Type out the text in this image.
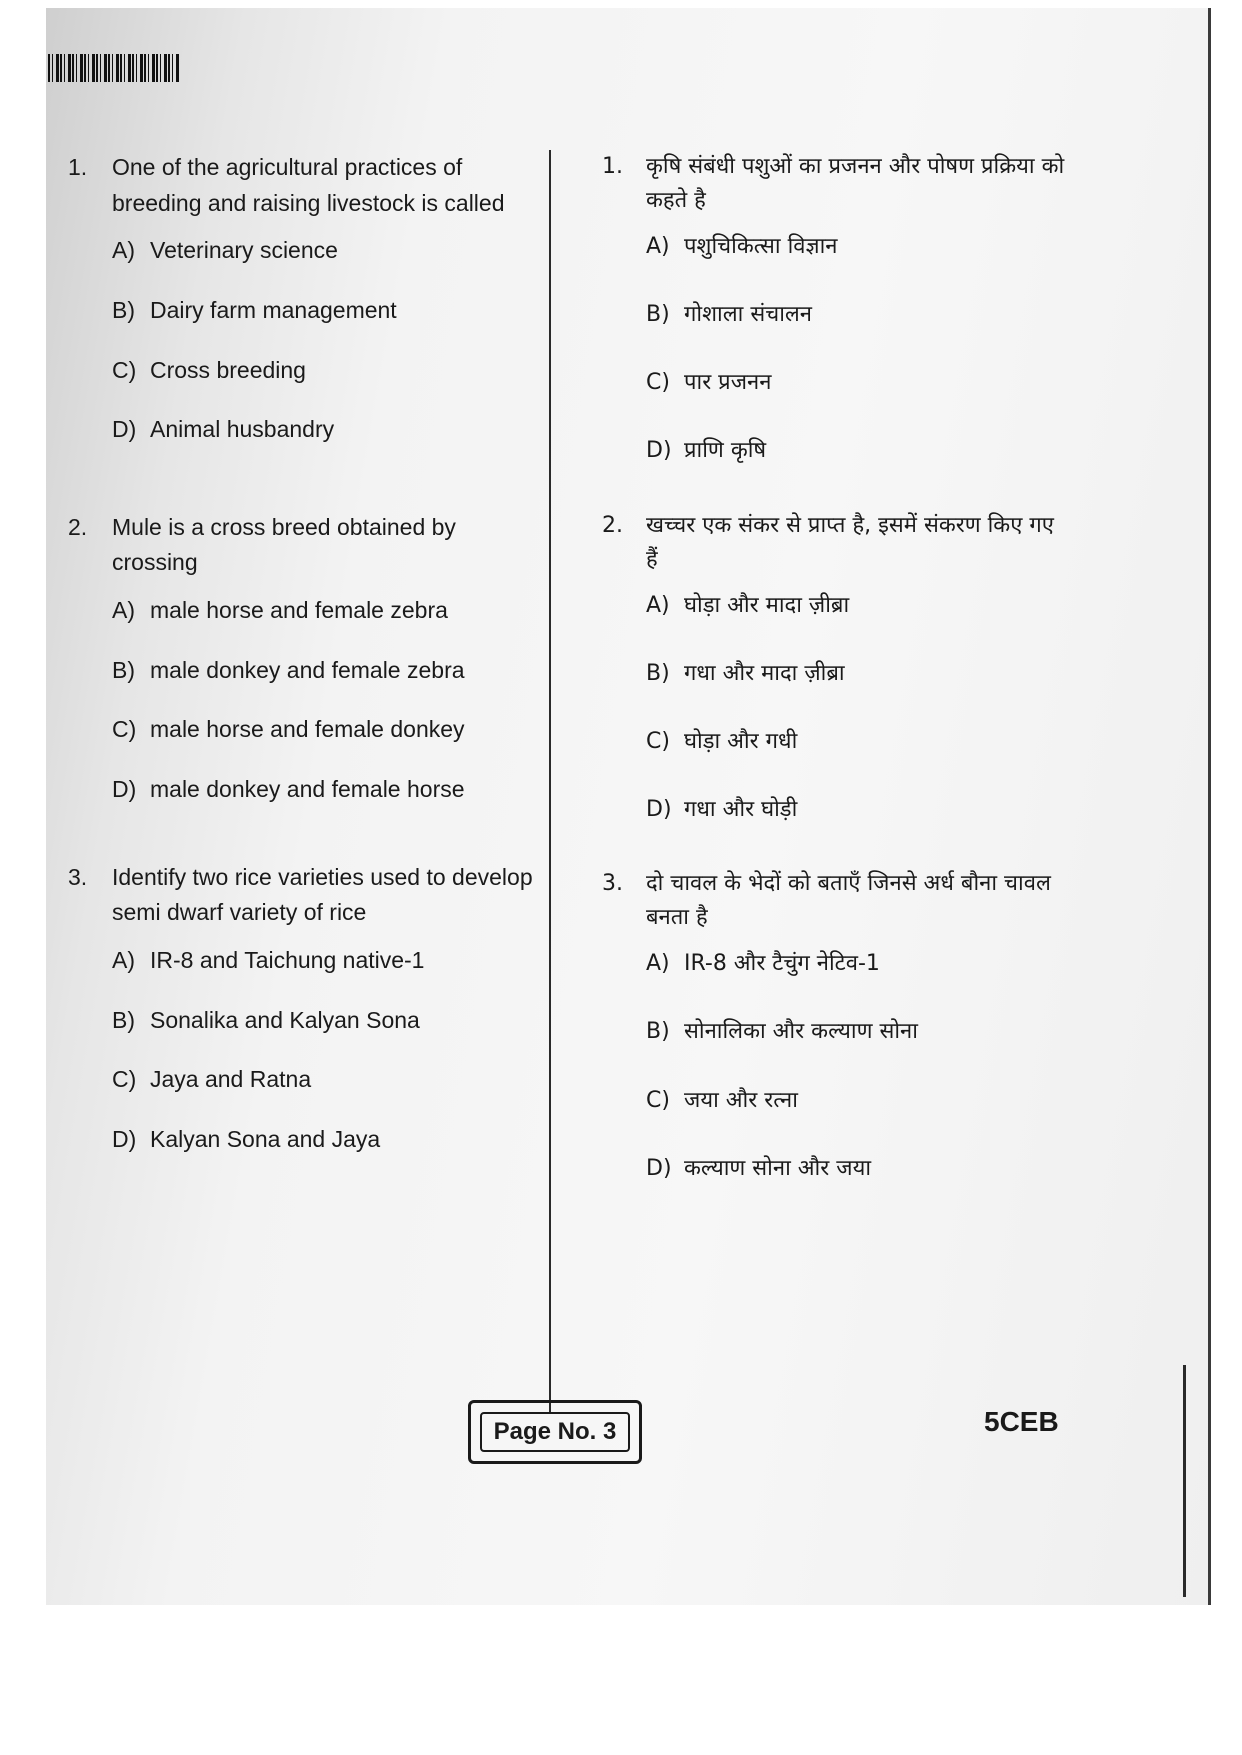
1.	One of the agricultural practices of breeding and raising livestock is called
A) Veterinary science
B) Dairy farm management
C) Cross breeding
D) Animal husbandry
2.	Mule is a cross breed obtained by crossing
A) male horse and female zebra
B) male donkey and female zebra
C) male horse and female donkey
D) male donkey and female horse
3.	Identify two rice varieties used to develop semi dwarf variety of rice
A) IR-8 and Taichung native-1
B) Sonalika and Kalyan Sona
C) Jaya and Ratna
D) Kalyan Sona and Jaya
1.	कृषि संबंधी पशुओं का प्रजनन और पोषण प्रक्रिया को कहते है
A) पशुचिकित्सा विज्ञान
B) गोशाला संचालन
C) पार प्रजनन
D) प्राणि कृषि
2.	खच्चर एक संकर से प्राप्त है, इसमें संकरण किए गए हैं
A) घोड़ा और मादा ज़ीब्रा
B) गधा और मादा ज़ीब्रा
C) घोड़ा और गधी
D) गधा और घोड़ी
3.	दो चावल के भेदों को बताएँ जिनसे अर्ध बौना चावल बनता है
A) IR-8 और टैचुंग नेटिव-1
B) सोनालिका और कल्याण सोना
C) जया और रत्ना
D) कल्याण सोना और जया
Page No. 3	5CEB
